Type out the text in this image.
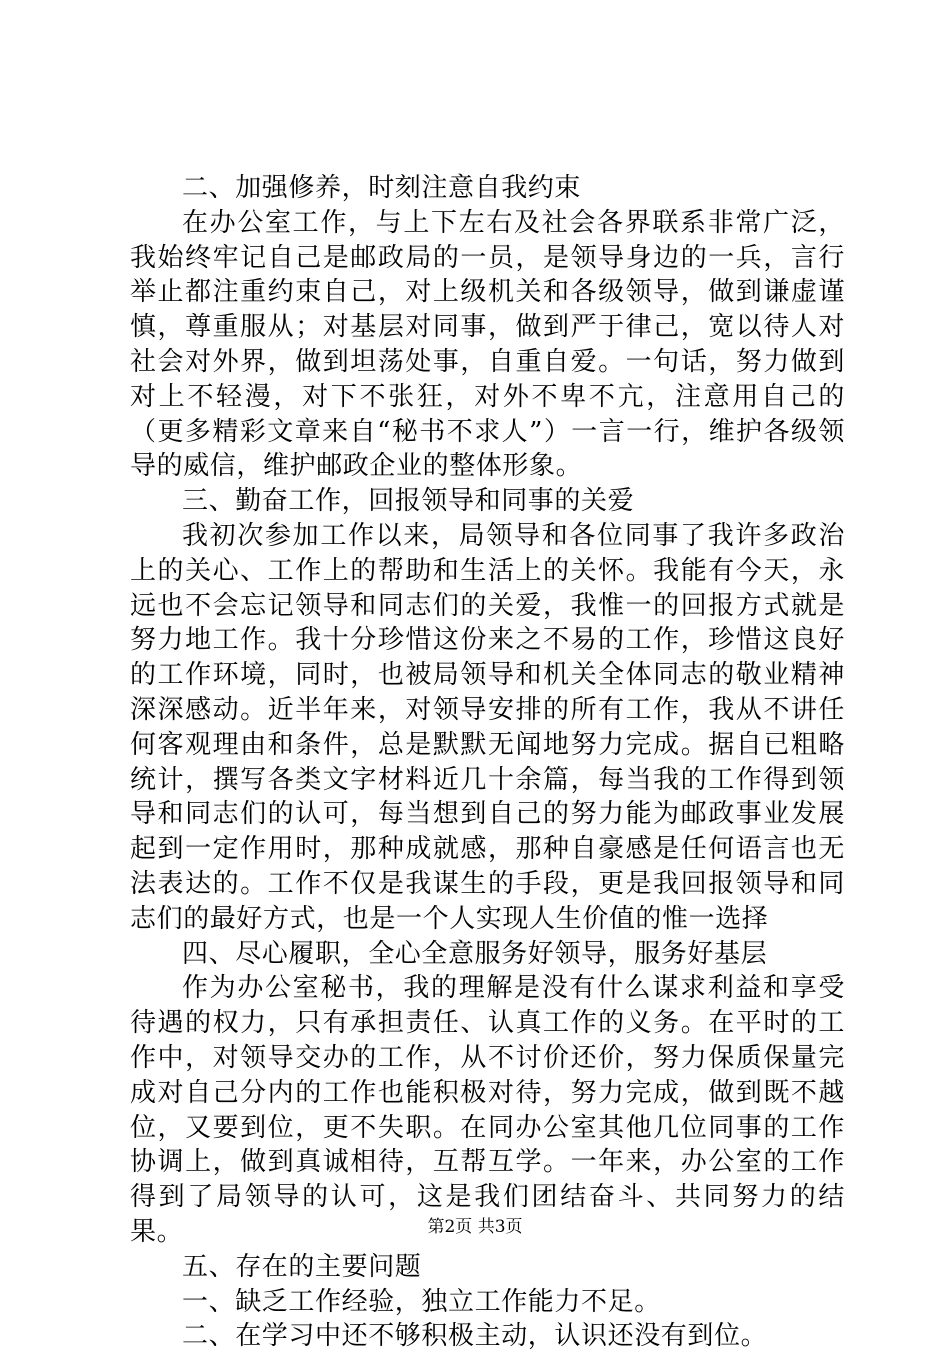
二、加强修养，时刻注意自我约束

在办公室工作，与上下左右及社会各界联系非常广泛，我始终牢记自己是邮政局的一员，是领导身边的一兵，言行举止都注重约束自己，对上级机关和各级领导，做到谦虚谨慎，尊重服从；对基层对同事，做到严于律己，宽以待人对社会对外界，做到坦荡处事，自重自爱。一句话，努力做到对上不轻漫，对下不张狂，对外不卑不亢，注意用自己的（更多精彩文章来自“秘书不求人”）一言一行，维护各级领导的威信，维护邮政企业的整体形象。

三、勤奋工作，回报领导和同事的关爱

我初次参加工作以来，局领导和各位同事了我许多政治上的关心、工作上的帮助和生活上的关怀。我能有今天，永远也不会忘记领导和同志们的关爱，我惟一的回报方式就是努力地工作。我十分珍惜这份来之不易的工作，珍惜这良好的工作环境，同时，也被局领导和机关全体同志的敬业精神深深感动。近半年来，对领导安排的所有工作，我从不讲任何客观理由和条件，总是默默无闻地努力完成。据自已粗略统计，撰写各类文字材料近几十余篇，每当我的工作得到领导和同志们的认可，每当想到自己的努力能为邮政事业发展起到一定作用时，那种成就感，那种自豪感是任何语言也无法表达的。工作不仅是我谋生的手段，更是我回报领导和同志们的最好方式，也是一个人实现人生价值的惟一选择

四、尽心履职，全心全意服务好领导，服务好基层

作为办公室秘书，我的理解是没有什么谋求利益和享受待遇的权力，只有承担责任、认真工作的义务。在平时的工作中，对领导交办的工作，从不讨价还价，努力保质保量完成对自己分内的工作也能积极对待，努力完成，做到既不越位，又要到位，更不失职。在同办公室其他几位同事的工作协调上，做到真诚相待，互帮互学。一年来，办公室的工作得到了局领导的认可，这是我们团结奋斗、共同努力的结果。

五、存在的主要问题

一、缺乏工作经验，独立工作能力不足。

二、在学习中还不够积极主动，认识还没有到位。

第2页 共3页
